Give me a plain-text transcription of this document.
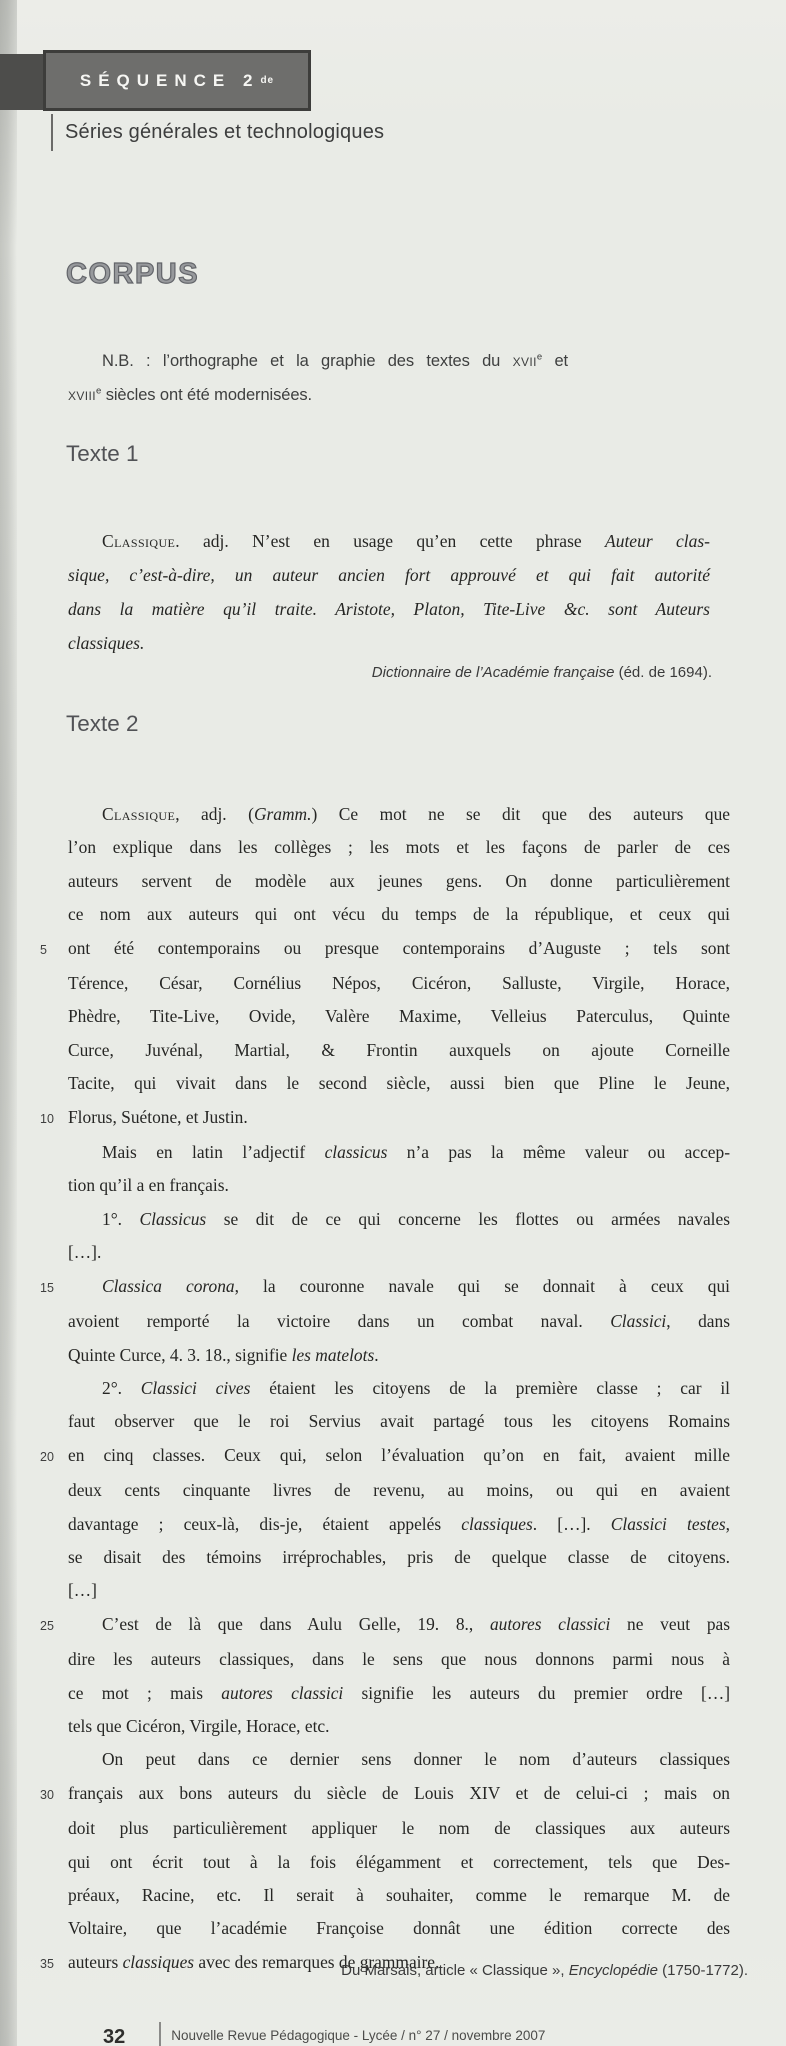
SÉQUENCE 2 de
Séries générales et technologiques
CORPUS
N.B. : l’orthographe et la graphie des textes du xvii$^e$ et
xviii$^e$ siècles ont été modernisées.
Texte 1
Classique. adj. N’est en usage qu’en cette phrase Auteur clas-
sique, c’est-à-dire, un auteur ancien fort approuvé et qui fait autorité
dans la matière qu’il traite. Aristote, Platon, Tite-Live &c. sont Auteurs
classiques.
Dictionnaire de l’Académie française (éd. de 1694).
Texte 2
Classique, adj. (Gramm.) Ce mot ne se dit que des auteurs que
l’on explique dans les collèges ; les mots et les façons de parler de ces
auteurs servent de modèle aux jeunes gens. On donne particulièrement
ce nom aux auteurs qui ont vécu du temps de la république, et ceux qui
5	ont été contemporains ou presque contemporains d’Auguste ; tels sont
Térence, César, Cornélius Népos, Cicéron, Salluste, Virgile, Horace,
Phèdre, Tite-Live, Ovide, Valère Maxime, Velleius Paterculus, Quinte
Curce, Juvénal, Martial, & Frontin auxquels on ajoute Corneille
Tacite, qui vivait dans le second siècle, aussi bien que Pline le Jeune,
10 Florus, Suétone, et Justin.
Mais en latin l’adjectif classicus n’a pas la même valeur ou accep-
tion qu’il a en français.
1°. Classicus se dit de ce qui concerne les flottes ou armées navales
[…].
15	Classica corona, la couronne navale qui se donnait à ceux qui
avoient remporté la victoire dans un combat naval. Classici, dans
Quinte Curce, 4. 3. 18., signifie les matelots.
2°. Classici cives étaient les citoyens de la première classe ; car il
faut observer que le roi Servius avait partagé tous les citoyens Romains
20 en cinq classes. Ceux qui, selon l’évaluation qu’on en fait, avaient mille
deux cents cinquante livres de revenu, au moins, ou qui en avaient
davantage ; ceux-là, dis-je, étaient appelés classiques. […]. Classici testes,
se disait des témoins irréprochables, pris de quelque classe de citoyens.
[…]
25	C’est de là que dans Aulu Gelle, 19. 8., autores classici ne veut pas
dire les auteurs classiques, dans le sens que nous donnons parmi nous à
ce mot ; mais autores classici signifie les auteurs du premier ordre […]
tels que Cicéron, Virgile, Horace, etc.
On peut dans ce dernier sens donner le nom d’auteurs classiques
30 français aux bons auteurs du siècle de Louis XIV et de celui-ci ; mais on
doit plus particulièrement appliquer le nom de classiques aux auteurs
qui ont écrit tout à la fois élégamment et correctement, tels que Des-
préaux, Racine, etc. Il serait à souhaiter, comme le remarque M. de
Voltaire, que l’académie Françoise donnât une édition correcte des
35 auteurs classiques avec des remarques de grammaire.
Du Marsais, article « Classique », Encyclopédie (1750-1772).
32	Nouvelle Revue Pédagogique - Lycée / n° 27 / novembre 2007
